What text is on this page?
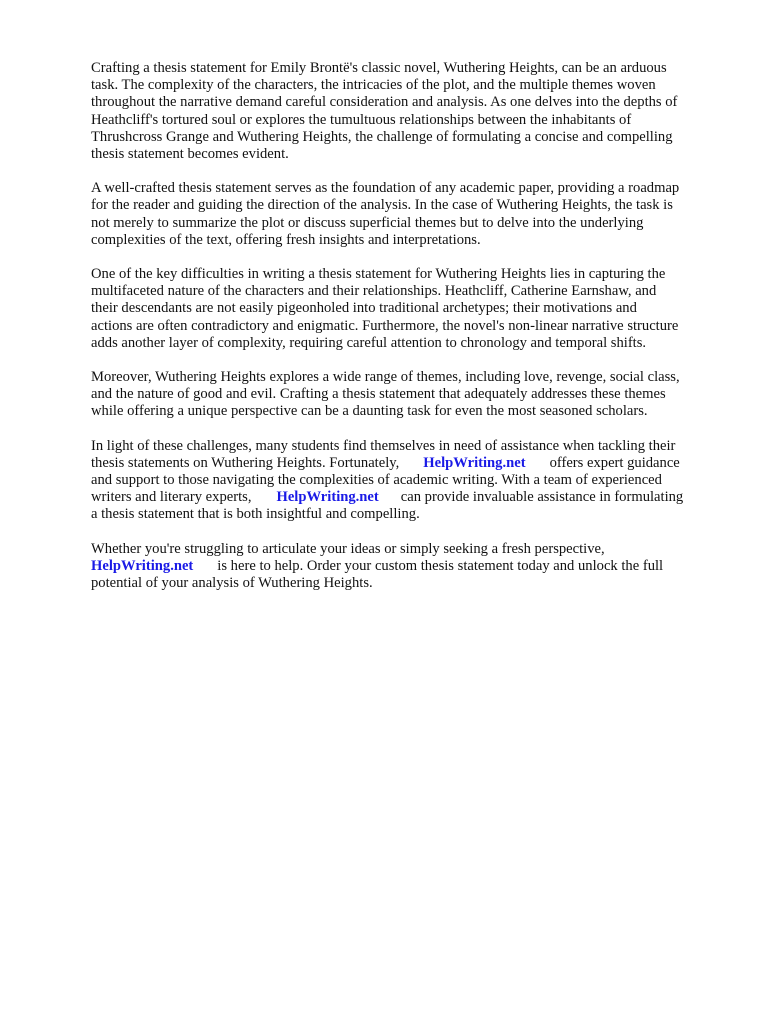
Crafting a thesis statement for Emily Brontë's classic novel, Wuthering Heights, can be an arduous
task. The complexity of the characters, the intricacies of the plot, and the multiple themes woven
throughout the narrative demand careful consideration and analysis. As one delves into the depths of
Heathcliff's tortured soul or explores the tumultuous relationships between the inhabitants of
Thrushcross Grange and Wuthering Heights, the challenge of formulating a concise and compelling
thesis statement becomes evident.

A well-crafted thesis statement serves as the foundation of any academic paper, providing a roadmap
for the reader and guiding the direction of the analysis. In the case of Wuthering Heights, the task is
not merely to summarize the plot or discuss superficial themes but to delve into the underlying
complexities of the text, offering fresh insights and interpretations.

One of the key difficulties in writing a thesis statement for Wuthering Heights lies in capturing the
multifaceted nature of the characters and their relationships. Heathcliff, Catherine Earnshaw, and
their descendants are not easily pigeonholed into traditional archetypes; their motivations and
actions are often contradictory and enigmatic. Furthermore, the novel's non-linear narrative structure
adds another layer of complexity, requiring careful attention to chronology and temporal shifts.

Moreover, Wuthering Heights explores a wide range of themes, including love, revenge, social class,
and the nature of good and evil. Crafting a thesis statement that adequately addresses these themes
while offering a unique perspective can be a daunting task for even the most seasoned scholars.

In light of these challenges, many students find themselves in need of assistance when tackling their
thesis statements on Wuthering Heights. Fortunately, HelpWriting.net offers expert guidance
and support to those navigating the complexities of academic writing. With a team of experienced
writers and literary experts, HelpWriting.net can provide invaluable assistance in formulating
a thesis statement that is both insightful and compelling.

Whether you're struggling to articulate your ideas or simply seeking a fresh perspective,
HelpWriting.net is here to help. Order your custom thesis statement today and unlock the full
potential of your analysis of Wuthering Heights.
